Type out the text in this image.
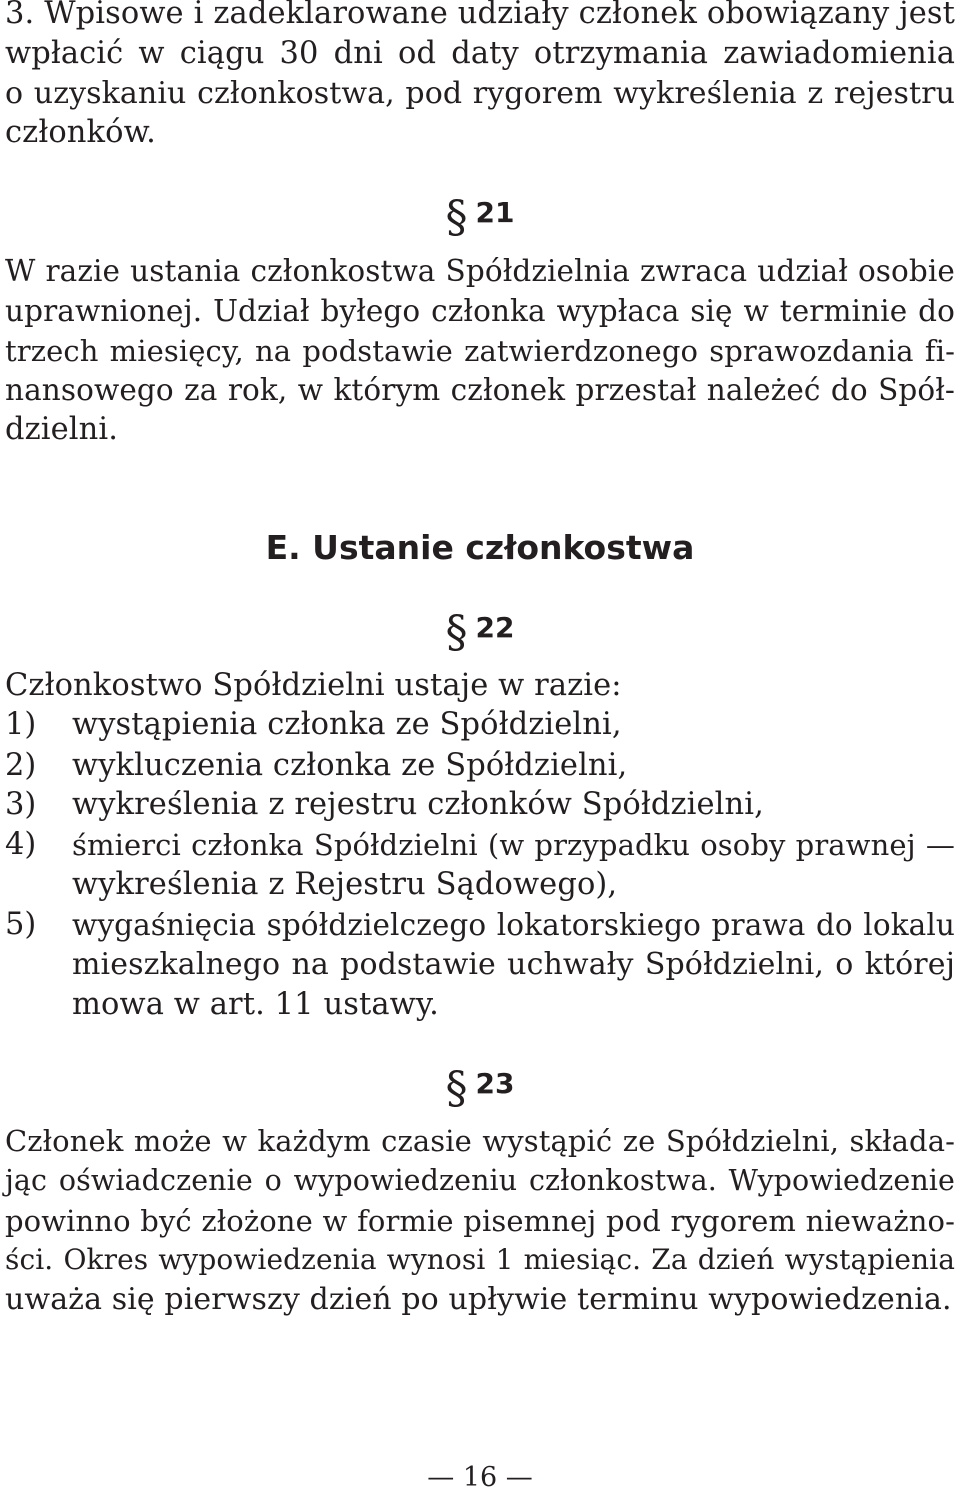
3. Wpisowe i zadeklarowane udziały członek obowiązany jest
wpłacić w ciągu 30 dni od daty otrzymania zawiadomienia
o uzyskaniu członkostwa, pod rygorem wykreślenia z rejestru
członków.
§ 21
W razie ustania członkostwa Spółdzielnia zwraca udział osobie
uprawnionej. Udział byłego członka wypłaca się w terminie do
trzech miesięcy, na podstawie zatwierdzonego sprawozdania fi-
nansowego za rok, w którym członek przestał należeć do Spół-
dzielni.
E. Ustanie członkostwa
§ 22
Członkostwo Spółdzielni ustaje w razie:
1) wystąpienia członka ze Spółdzielni,
2) wykluczenia członka ze Spółdzielni,
3) wykreślenia z rejestru członków Spółdzielni,
4) śmierci członka Spółdzielni (w przypadku osoby prawnej —
wykreślenia z Rejestru Sądowego),
5) wygaśnięcia spółdzielczego lokatorskiego prawa do lokalu
mieszkalnego na podstawie uchwały Spółdzielni, o której
mowa w art. 11 ustawy.
§ 23
Członek może w każdym czasie wystąpić ze Spółdzielni, składa-
jąc oświadczenie o wypowiedzeniu członkostwa. Wypowiedzenie
powinno być złożone w formie pisemnej pod rygorem nieważno-
ści. Okres wypowiedzenia wynosi 1 miesiąc. Za dzień wystąpienia
uważa się pierwszy dzień po upływie terminu wypowiedzenia.
— 16 —
